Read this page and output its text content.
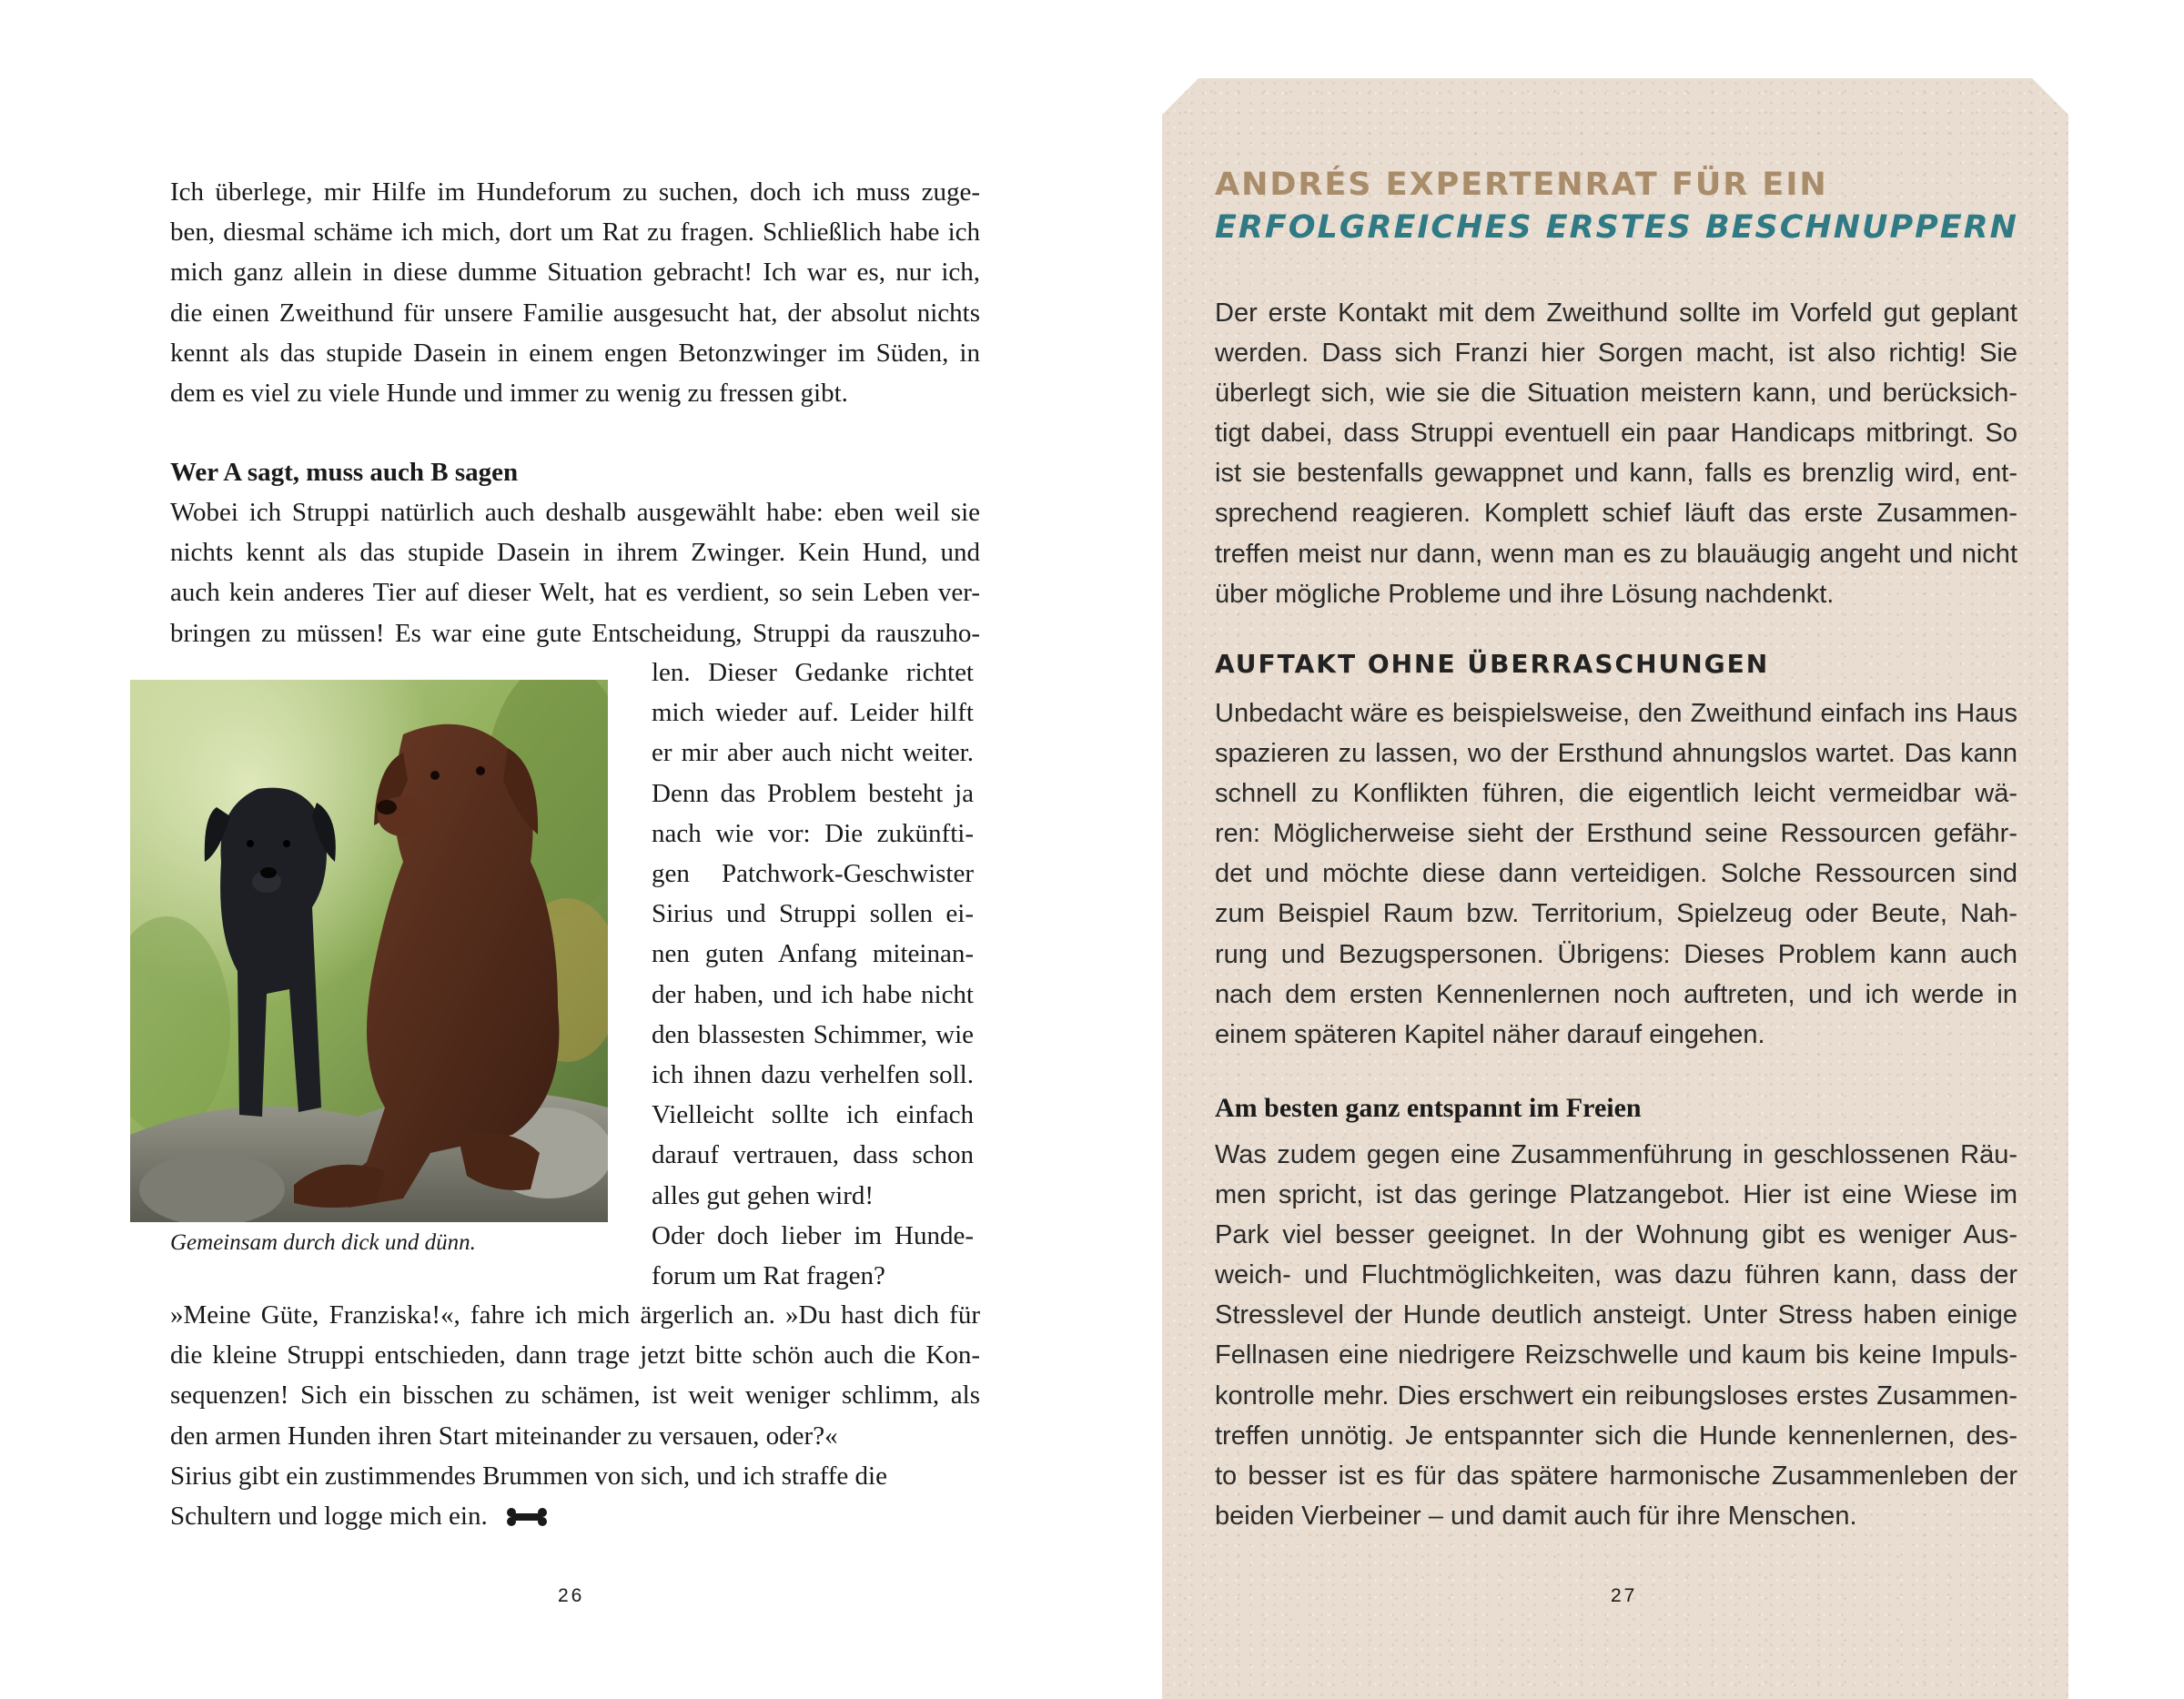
Ich überlege, mir Hilfe im Hundeforum zu suchen, doch ich muss zuge-
ben, diesmal schäme ich mich, dort um Rat zu fragen. Schließlich habe ich
mich ganz allein in diese dumme Situation gebracht! Ich war es, nur ich,
die einen Zweithund für unsere Familie ausgesucht hat, der absolut nichts
kennt als das stupide Dasein in einem engen Betonzwinger im Süden, in
dem es viel zu viele Hunde und immer zu wenig zu fressen gibt.
Wer A sagt, muss auch B sagen
Wobei ich Struppi natürlich auch deshalb ausgewählt habe: eben weil sie
nichts kennt als das stupide Dasein in ihrem Zwinger. Kein Hund, und
auch kein anderes Tier auf dieser Welt, hat es verdient, so sein Leben ver-
bringen zu müssen! Es war eine gute Entscheidung, Struppi da rauszuho-

Gemeinsam durch dick und dünn.

len. Dieser Gedanke richtet
mich wieder auf. Leider hilft
er mir aber auch nicht weiter.
Denn das Problem besteht ja
nach wie vor: Die zukünfti-
gen Patchwork-Geschwister
Sirius und Struppi sollen ei-
nen guten Anfang miteinan-
der haben, und ich habe nicht
den blassesten Schimmer, wie
ich ihnen dazu verhelfen soll.
Vielleicht sollte ich einfach
darauf vertrauen, dass schon
alles gut gehen wird!
Oder doch lieber im Hunde-
forum um Rat fragen?
»Meine Güte, Franziska!«, fahre ich mich ärgerlich an. »Du hast dich für
die kleine Struppi entschieden, dann trage jetzt bitte schön auch die Kon-
sequenzen! Sich ein bisschen zu schämen, ist weit weniger schlimm, als
den armen Hunden ihren Start miteinander zu versauen, oder?«
Sirius gibt ein zustimmendes Brummen von sich, und ich straffe die
Schultern und logge mich ein.

26

ANDRÉS EXPERTENRAT FÜR EIN

ERFOLGREICHES ERSTES BESCHNUPPERN

Der erste Kontakt mit dem Zweithund sollte im Vorfeld gut geplant
werden. Dass sich Franzi hier Sorgen macht, ist also richtig! Sie
überlegt sich, wie sie die Situation meistern kann, und berücksich-
tigt dabei, dass Struppi eventuell ein paar Handicaps mitbringt. So
ist sie bestenfalls gewappnet und kann, falls es brenzlig wird, ent-
sprechend reagieren. Komplett schief läuft das erste Zusammen-
treffen meist nur dann, wenn man es zu blauäugig angeht und nicht
über mögliche Probleme und ihre Lösung nachdenkt.

AUFTAKT OHNE ÜBERRASCHUNGEN

Unbedacht wäre es beispielsweise, den Zweithund einfach ins Haus
spazieren zu lassen, wo der Ersthund ahnungslos wartet. Das kann
schnell zu Konflikten führen, die eigentlich leicht vermeidbar wä-
ren: Möglicherweise sieht der Ersthund seine Ressourcen gefähr-
det und möchte diese dann verteidigen. Solche Ressourcen sind
zum Beispiel Raum bzw. Territorium, Spielzeug oder Beute, Nah-
rung und Bezugspersonen. Übrigens: Dieses Problem kann auch
nach dem ersten Kennenlernen noch auftreten, und ich werde in
einem späteren Kapitel näher darauf eingehen.

Am besten ganz entspannt im Freien

Was zudem gegen eine Zusammenführung in geschlossenen Räu-
men spricht, ist das geringe Platzangebot. Hier ist eine Wiese im
Park viel besser geeignet. In der Wohnung gibt es weniger Aus-
weich- und Fluchtmöglichkeiten, was dazu führen kann, dass der
Stresslevel der Hunde deutlich ansteigt. Unter Stress haben einige
Fellnasen eine niedrigere Reizschwelle und kaum bis keine Impuls-
kontrolle mehr. Dies erschwert ein reibungsloses erstes Zusammen-
treffen unnötig. Je entspannter sich die Hunde kennenlernen, des-
to besser ist es für das spätere harmonische Zusammenleben der
beiden Vierbeiner – und damit auch für ihre Menschen.

27
